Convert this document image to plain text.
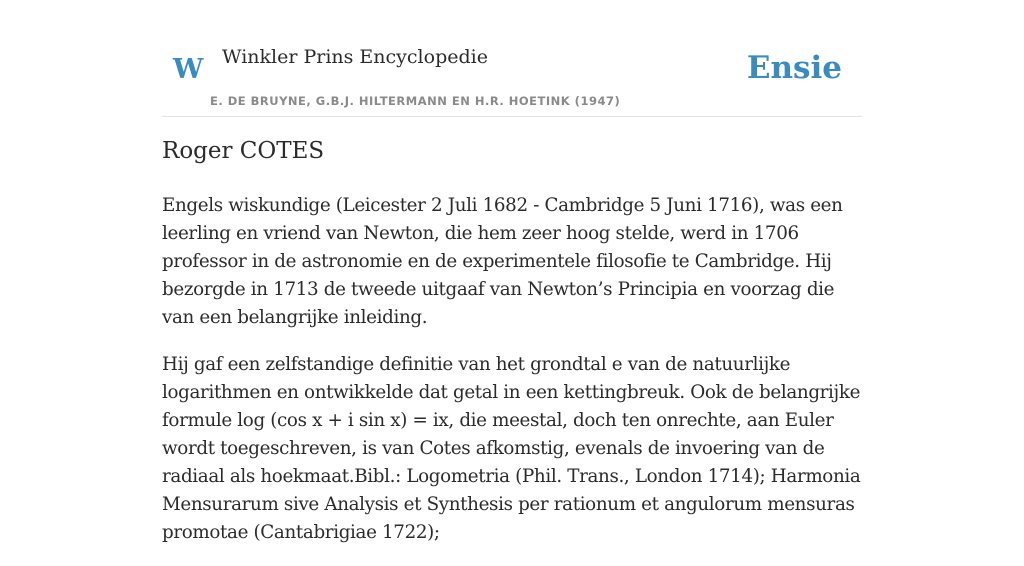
W Winkler Prins Encyclopedie
E. DE BRUYNE, G.B.J. HILTERMANN EN H.R. HOETINK (1947)
Ensie
Roger COTES

Engels wiskundige (Leicester 2 Juli 1682 - Cambridge 5 Juni 1716), was een leerling en vriend van Newton, die hem zeer hoog stelde, werd in 1706 professor in de astronomie en de experimentele filosofie te Cambridge. Hij bezorgde in 1713 de tweede uitgaaf van Newton’s Principia en voorzag die van een belangrijke inleiding.

Hij gaf een zelfstandige definitie van het grondtal e van de natuurlijke logarithmen en ontwikkelde dat getal in een kettingbreuk. Ook de belangrijke formule log (cos x + i sin x) = ix, die meestal, doch ten onrechte, aan Euler wordt toegeschreven, is van Cotes afkomstig, evenals de invoering van de radiaal als hoekmaat.Bibl.: Logometria (Phil. Trans., London 1714); Harmonia Mensurarum sive Analysis et Synthesis per rationum et angulorum mensuras promotae (Cantabrigiae 1722);
